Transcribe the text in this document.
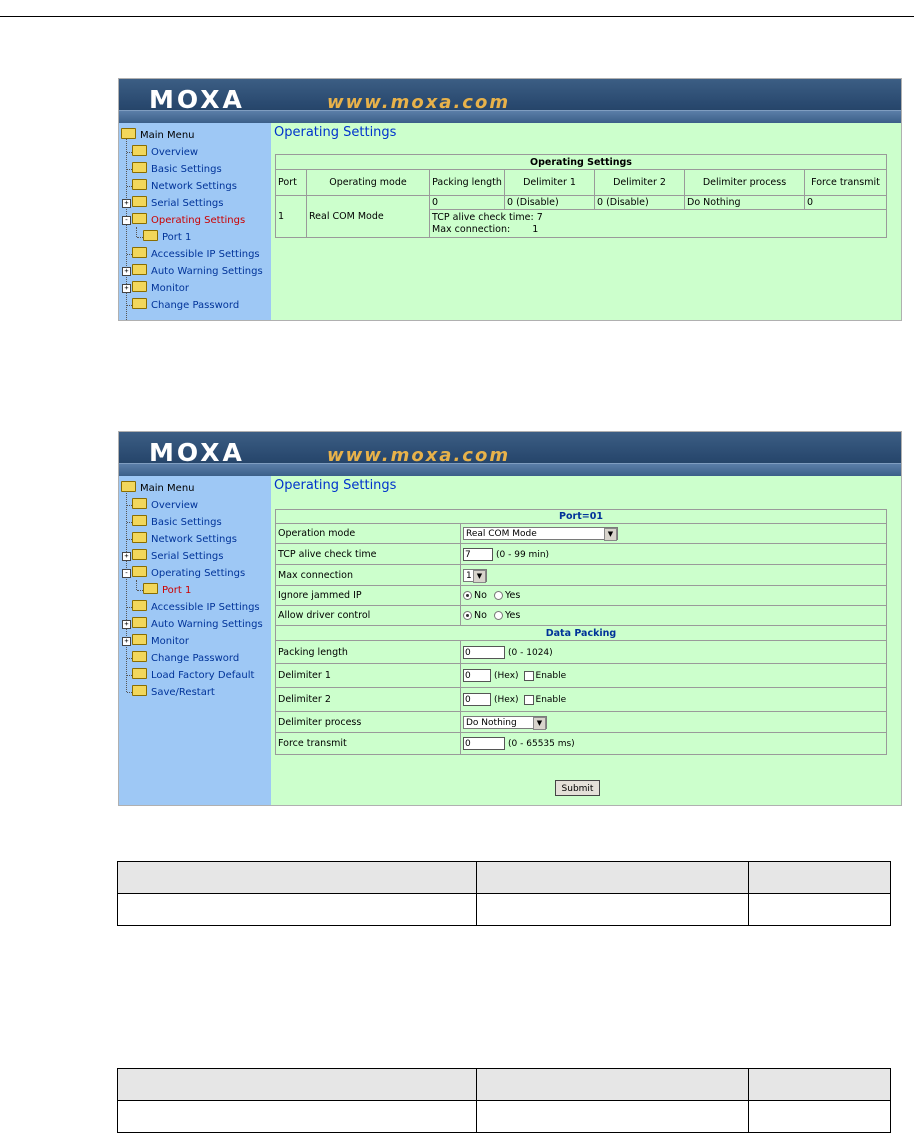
MOXA	www.moxa.com
Main Menu
Overview
Basic Settings
Network Settings
+	Serial Settings
-	Operating Settings
Port 1
Accessible IP Settings
+	Auto Warning Settings
+	Monitor
Change Password
Operating Settings
Operating Settings						
Port	Operating mode	Packing length	Delimiter 1	Delimiter 2	Delimiter process	Force transmit
1	Real COM Mode	0	0 (Disable)	0 (Disable)	Do Nothing	0

		TCP alive check time: 7
Max connection: 1				
MOXA	www.moxa.com
Main Menu
Overview
Basic Settings
Network Settings
+	Serial Settings
-	Operating Settings
Port 1
Accessible IP Settings
+	Auto Warning Settings
+	Monitor
Change Password
Load Factory Default
Save/Restart
Operating Settings
Port=01	
Operation mode	Real COM Mode ▼

TCP alive check time	7 (0 - 99 min)
Max connection	1 ▼

Ignore jammed IP	No Yes
Allow driver control	No Yes
Data Packing	
Packing length	0 (0 - 1024)
Delimiter 1	0 (Hex) Enable
Delimiter 2	0 (Hex) Enable
Delimiter process	Do Nothing ▼

Force transmit	0 (0 - 65535 ms)
Submit
